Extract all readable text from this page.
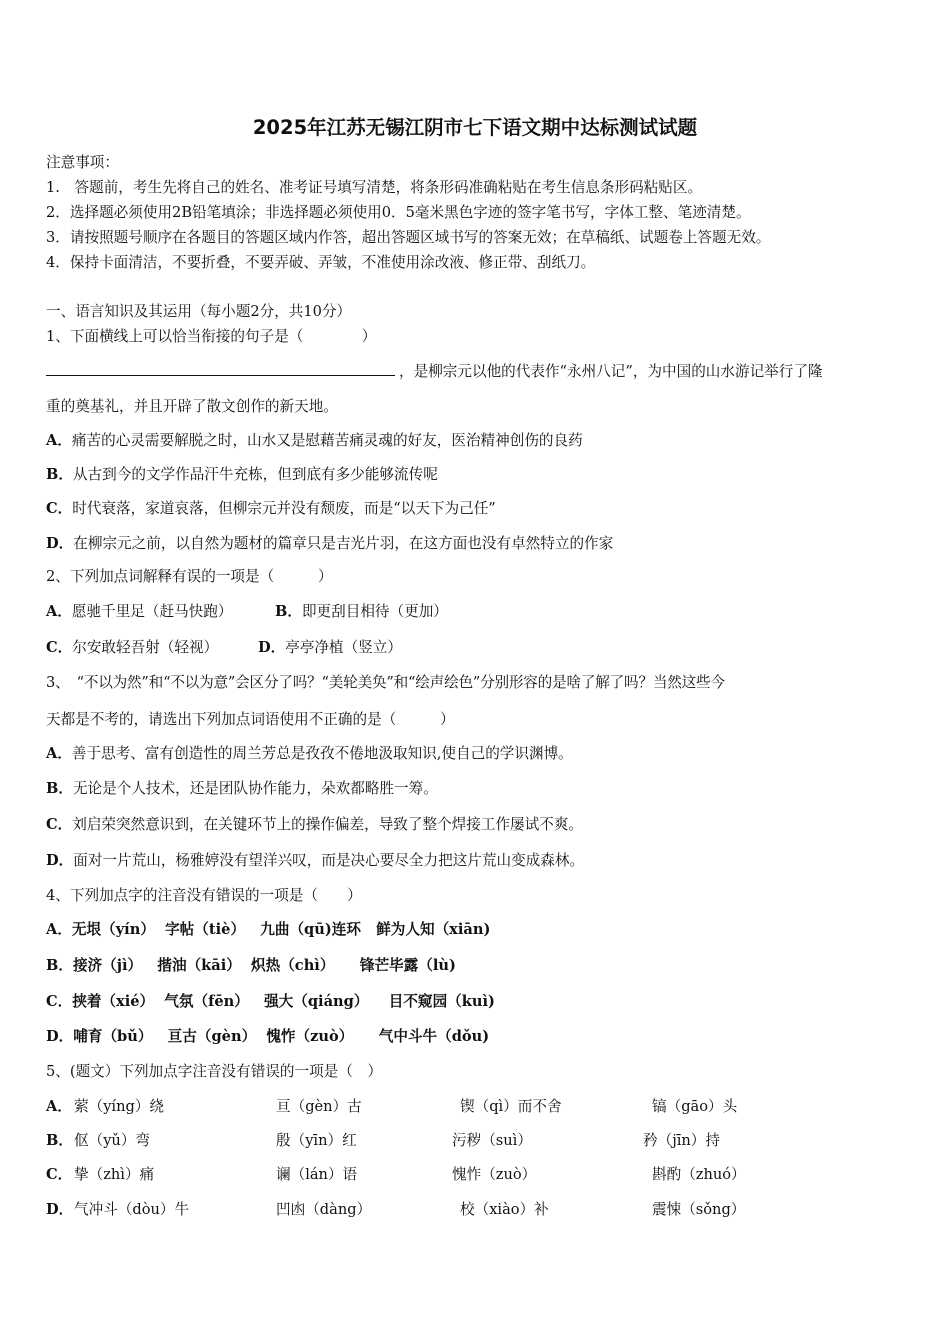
2025年江苏无锡江阴市七下语文期中达标测试试题
注意事项：
1.　答题前，考生先将自己的姓名、准考证号填写清楚，将条形码准确粘贴在考生信息条形码粘贴区。
2．选择题必须使用2B铅笔填涂；非选择题必须使用0．5毫米黑色字迹的签字笔书写，字体工整、笔迹清楚。
3．请按照题号顺序在各题目的答题区域内作答，超出答题区域书写的答案无效；在草稿纸、试题卷上答题无效。
4．保持卡面清洁，不要折叠，不要弄破、弄皱，不准使用涂改液、修正带、刮纸刀。
一、语言知识及其运用（每小题2分，共10分）
1、下面横线上可以恰当衔接的句子是（　　　　）
，是柳宗元以他的代表作“永州八记”，为中国的山水游记举行了隆
重的奠基礼，并且开辟了散文创作的新天地。
A．痛苦的心灵需要解脱之时，山水又是慰藉苦痛灵魂的好友，医治精神创伤的良药
B．从古到今的文学作品汗牛充栋，但到底有多少能够流传呢
C．时代衰落，家道哀落，但柳宗元并没有颓废，而是“以天下为己任”
D．在柳宗元之前，以自然为题材的篇章只是吉光片羽，在这方面也没有卓然特立的作家
2、下列加点词解释有误的一项是（　　　）
A．愿驰千里足（赶马快跑）	B．即更刮目相待（更加）
C．尔安敢轻吾射（轻视）	D．亭亭净植（竖立）
3、　“不以为然”和“不以为意”会区分了吗？“美轮美奂”和“绘声绘色”分别形容的是啥了解了吗？当然这些今
天都是不考的，请选出下列加点词语使用不正确的是（　　　）
A．善于思考、富有创造性的周兰芳总是孜孜不倦地汲取知识,使自己的学识渊博。
B．无论是个人技术，还是团队协作能力，朵欢都略胜一筹。
C．刘启荣突然意识到，在关键环节上的操作偏差，导致了整个焊接工作屡试不爽。
D．面对一片荒山，杨雅婷没有望洋兴叹，而是决心要尽全力把这片荒山变成森林。
4、下列加点字的注音没有错误的一项是（　　）
A．无垠（yín）  字帖（tiè）   九曲（qū)连环   鲜为人知（xiān)
B．接济（jì）   揩油（kāi）  炽热（chì）     锋芒毕露（lù)
C．挟着（xié）  气氛（fēn）   强大（qiáng）    目不窥园（kuì)
D．哺育（bǔ）   亘古（gèn）  愧怍（zuò）     气中斗牛（dǒu)
5、(题文）下列加点字注音没有错误的一项是（　）
A． 萦（yíng）绕	亘（gèn）古	锲（qì）而不舍	镐（gāo）头
B． 伛（yǔ）弯	殷（yīn）红	污秽（suì）	矜（jīn）持
C． 挚（zhì）痛	谰（lán）语	愧怍（zuò）	斟酌（zhuó）
D． 气冲斗（dòu）牛	凹凼（dàng）	校（xiào）补	震悚（sǒng）
